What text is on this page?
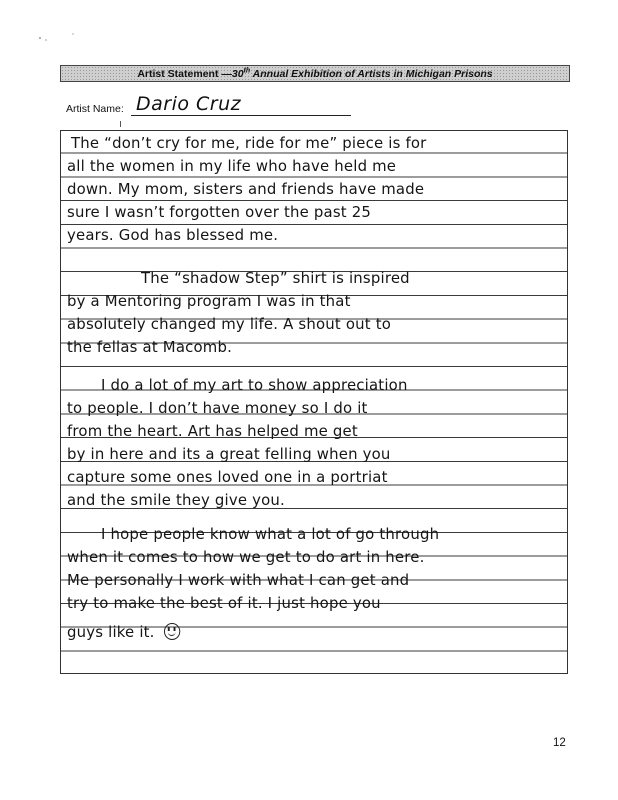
Artist Statement — 30th Annual Exhibition of Artists in Michigan Prisons
Artist Name: Dario Cruz
The “don’t cry for me, ride for me” piece is for
all the women in my life who have held me
down. My mom, sisters and friends have made
sure I wasn’t forgotten over the past 25
years. God has blessed me.
The “shadow Step” shirt is inspired
by a Mentoring program I was in that
absolutely changed my life. A shout out to
the fellas at Macomb.
I do a lot of my art to show appreciation
to people. I don’t have money so I do it
from the heart. Art has helped me get
by in here and its a great felling when you
capture some ones loved one in a portriat
and the smile they give you.
I hope people know what a lot of go through
when it comes to how we get to do art in here.
Me personally I work with what I can get and
try to make the best of it. I just hope you
guys like it.
12
